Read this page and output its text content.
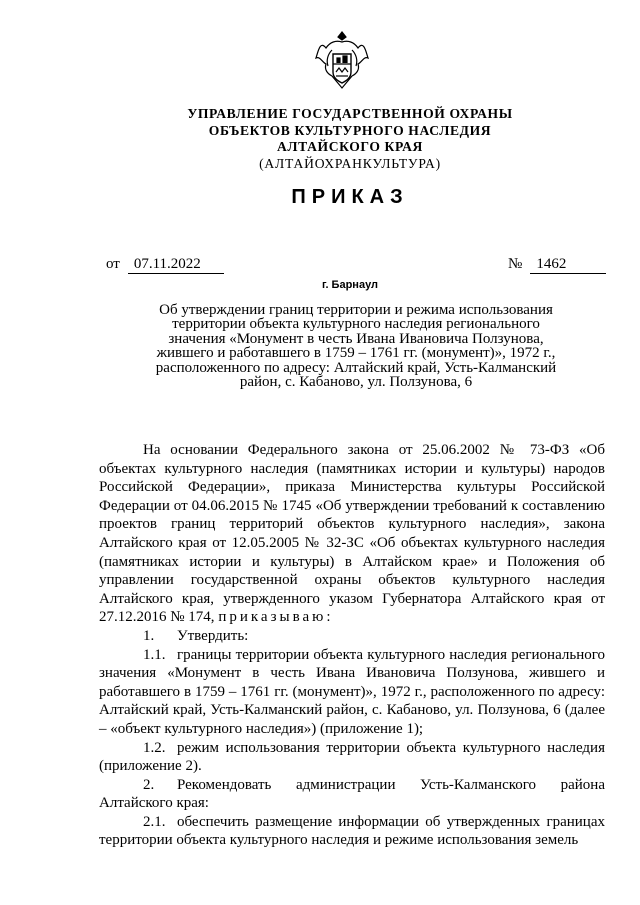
УПРАВЛЕНИЕ ГОСУДАРСТВЕННОЙ ОХРАНЫ
ОБЪЕКТОВ КУЛЬТУРНОГО НАСЛЕДИЯ
АЛТАЙСКОГО КРАЯ
(АЛТАЙОХРАНКУЛЬТУРА)
ПРИКАЗ
от 07.11.2022	№ 1462
г. Барнаул
Об утверждении границ территории и режима использования
территории объекта культурного наследия регионального
значения «Монумент в честь Ивана Ивановича Ползунова,
жившего и работавшего в 1759 – 1761 гг. (монумент)», 1972 г.,
расположенного по адресу: Алтайский край, Усть-Калманский
район, с. Кабаново, ул. Ползунова, 6

На основании Федерального закона от 25.06.2002 № 73-ФЗ «Об объектах культурного наследия (памятниках истории и культуры) народов Российской Федерации», приказа Министерства культуры Российской Федерации от 04.06.2015 № 1745 «Об утверждении требований к составлению проектов границ территорий объектов культурного наследия», закона Алтайского края от 12.05.2005 № 32-ЗС «Об объектах культурного наследия (памятниках истории и культуры) в Алтайском крае» и Положения об управлении государственной охраны объектов культурного наследия Алтайского края, утвержденного указом Губернатора Алтайского края от 27.12.2016 № 174, приказываю:

1. Утвердить:

1.1. границы территории объекта культурного наследия регионального значения «Монумент в честь Ивана Ивановича Ползунова, жившего и работавшего в 1759 – 1761 гг. (монумент)», 1972 г., расположенного по адресу: Алтайский край, Усть-Калманский район, с. Кабаново, ул. Ползунова, 6 (далее – «объект культурного наследия») (приложение 1);

1.2. режим использования территории объекта культурного наследия (приложение 2).

2. Рекомендовать администрации Усть-Калманского района Алтайского края:

2.1. обеспечить размещение информации об утвержденных границах территории объекта культурного наследия и режиме использования земель
